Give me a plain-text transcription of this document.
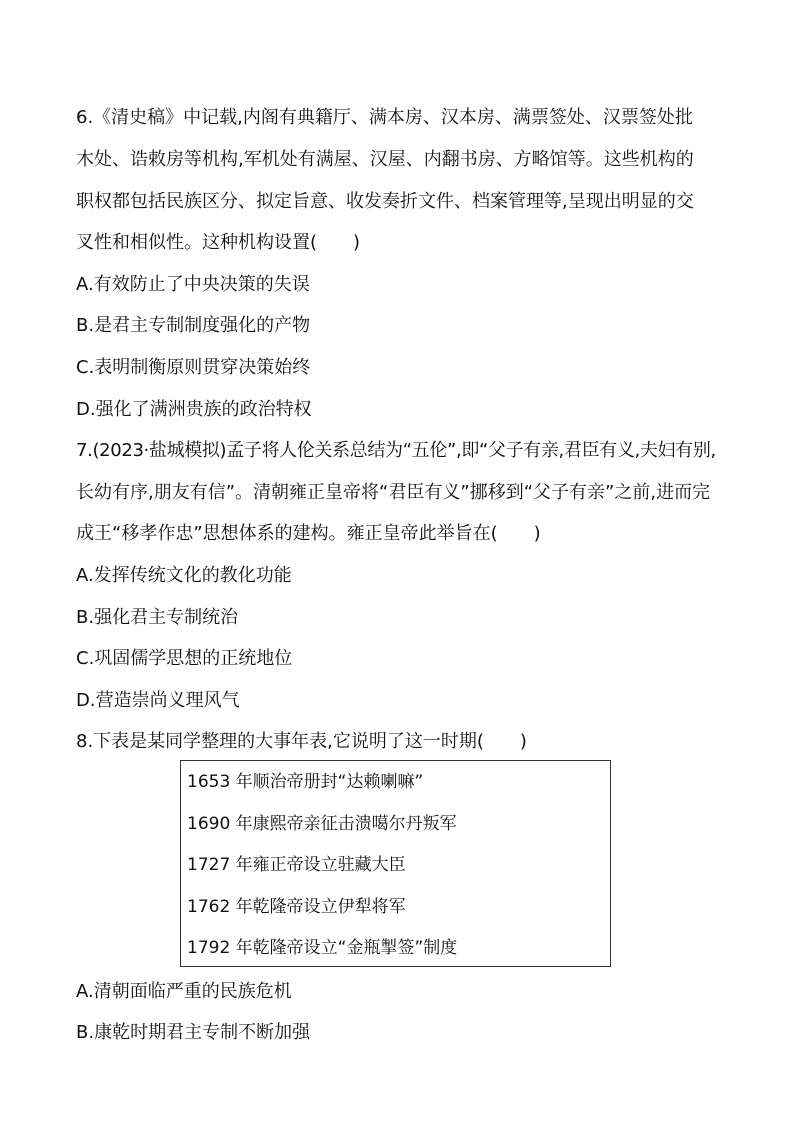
6.《清史稿》中记载,内阁有典籍厅、满本房、汉本房、满票签处、汉票签处批
木处、诰敕房等机构,军机处有满屋、汉屋、内翻书房、方略馆等。这些机构的
职权都包括民族区分、拟定旨意、收发奏折文件、档案管理等,呈现出明显的交
叉性和相似性。这种机构设置(　　)
A.有效防止了中央决策的失误
B.是君主专制制度强化的产物
C.表明制衡原则贯穿决策始终
D.强化了满洲贵族的政治特权
7.(2023·盐城模拟)孟子将人伦关系总结为“五伦”,即“父子有亲,君臣有义,夫妇有别,
长幼有序,朋友有信”。清朝雍正皇帝将“君臣有义”挪移到“父子有亲”之前,进而完
成王“移孝作忠”思想体系的建构。雍正皇帝此举旨在(　　)
A.发挥传统文化的教化功能
B.强化君主专制统治
C.巩固儒学思想的正统地位
D.营造崇尚义理风气
8.下表是某同学整理的大事年表,它说明了这一时期(　　)
1653 年顺治帝册封“达赖喇嘛”
1690 年康熙帝亲征击溃噶尔丹叛军
1727 年雍正帝设立驻藏大臣
1762 年乾隆帝设立伊犁将军
1792 年乾隆帝设立“金瓶掣签”制度
A.清朝面临严重的民族危机
B.康乾时期君主专制不断加强
